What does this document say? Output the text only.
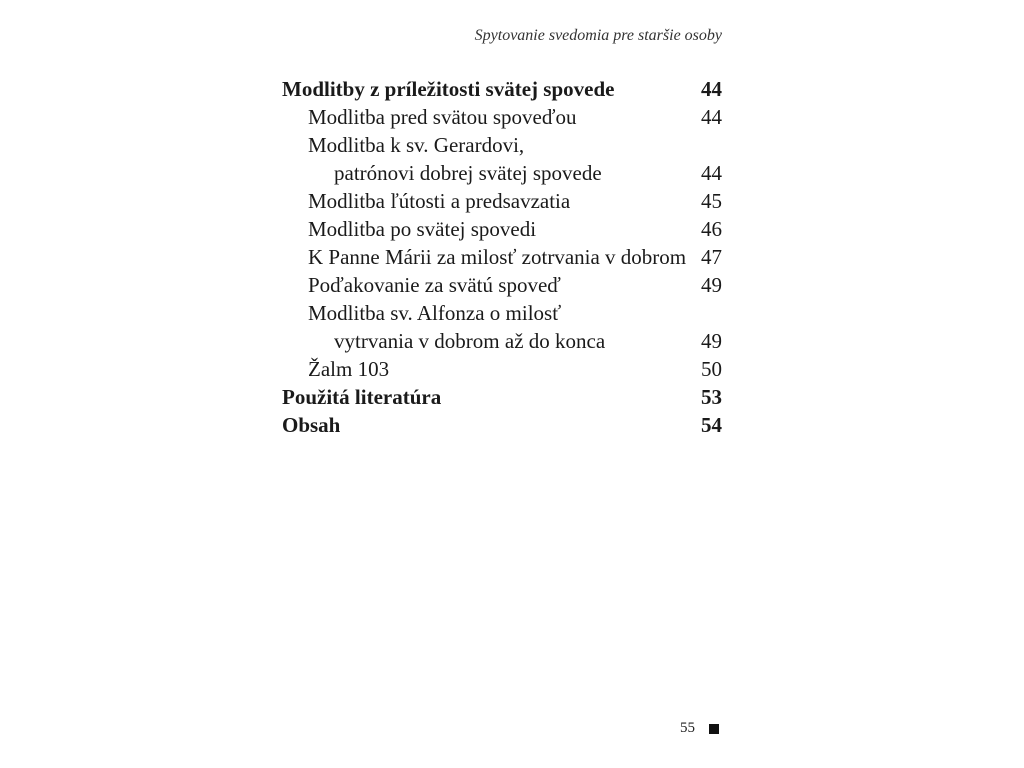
Spytovanie svedomia pre staršie osoby
Modlitby z príležitosti svätej spovede	44
Modlitba pred svätou spoveďou	44
Modlitba k sv. Gerardovi,
patrónovi dobrej svätej spovede	44
Modlitba ľútosti a predsavzatia	45
Modlitba po svätej spovedi	46
K Panne Márii za milosť zotrvania v dobrom 47
Poďakovanie za svätú spoveď	49
Modlitba sv. Alfonza o milosť
vytrvania v dobrom až do konca	49
Žalm 103	50
Použitá literatúra	53
Obsah	54
55
